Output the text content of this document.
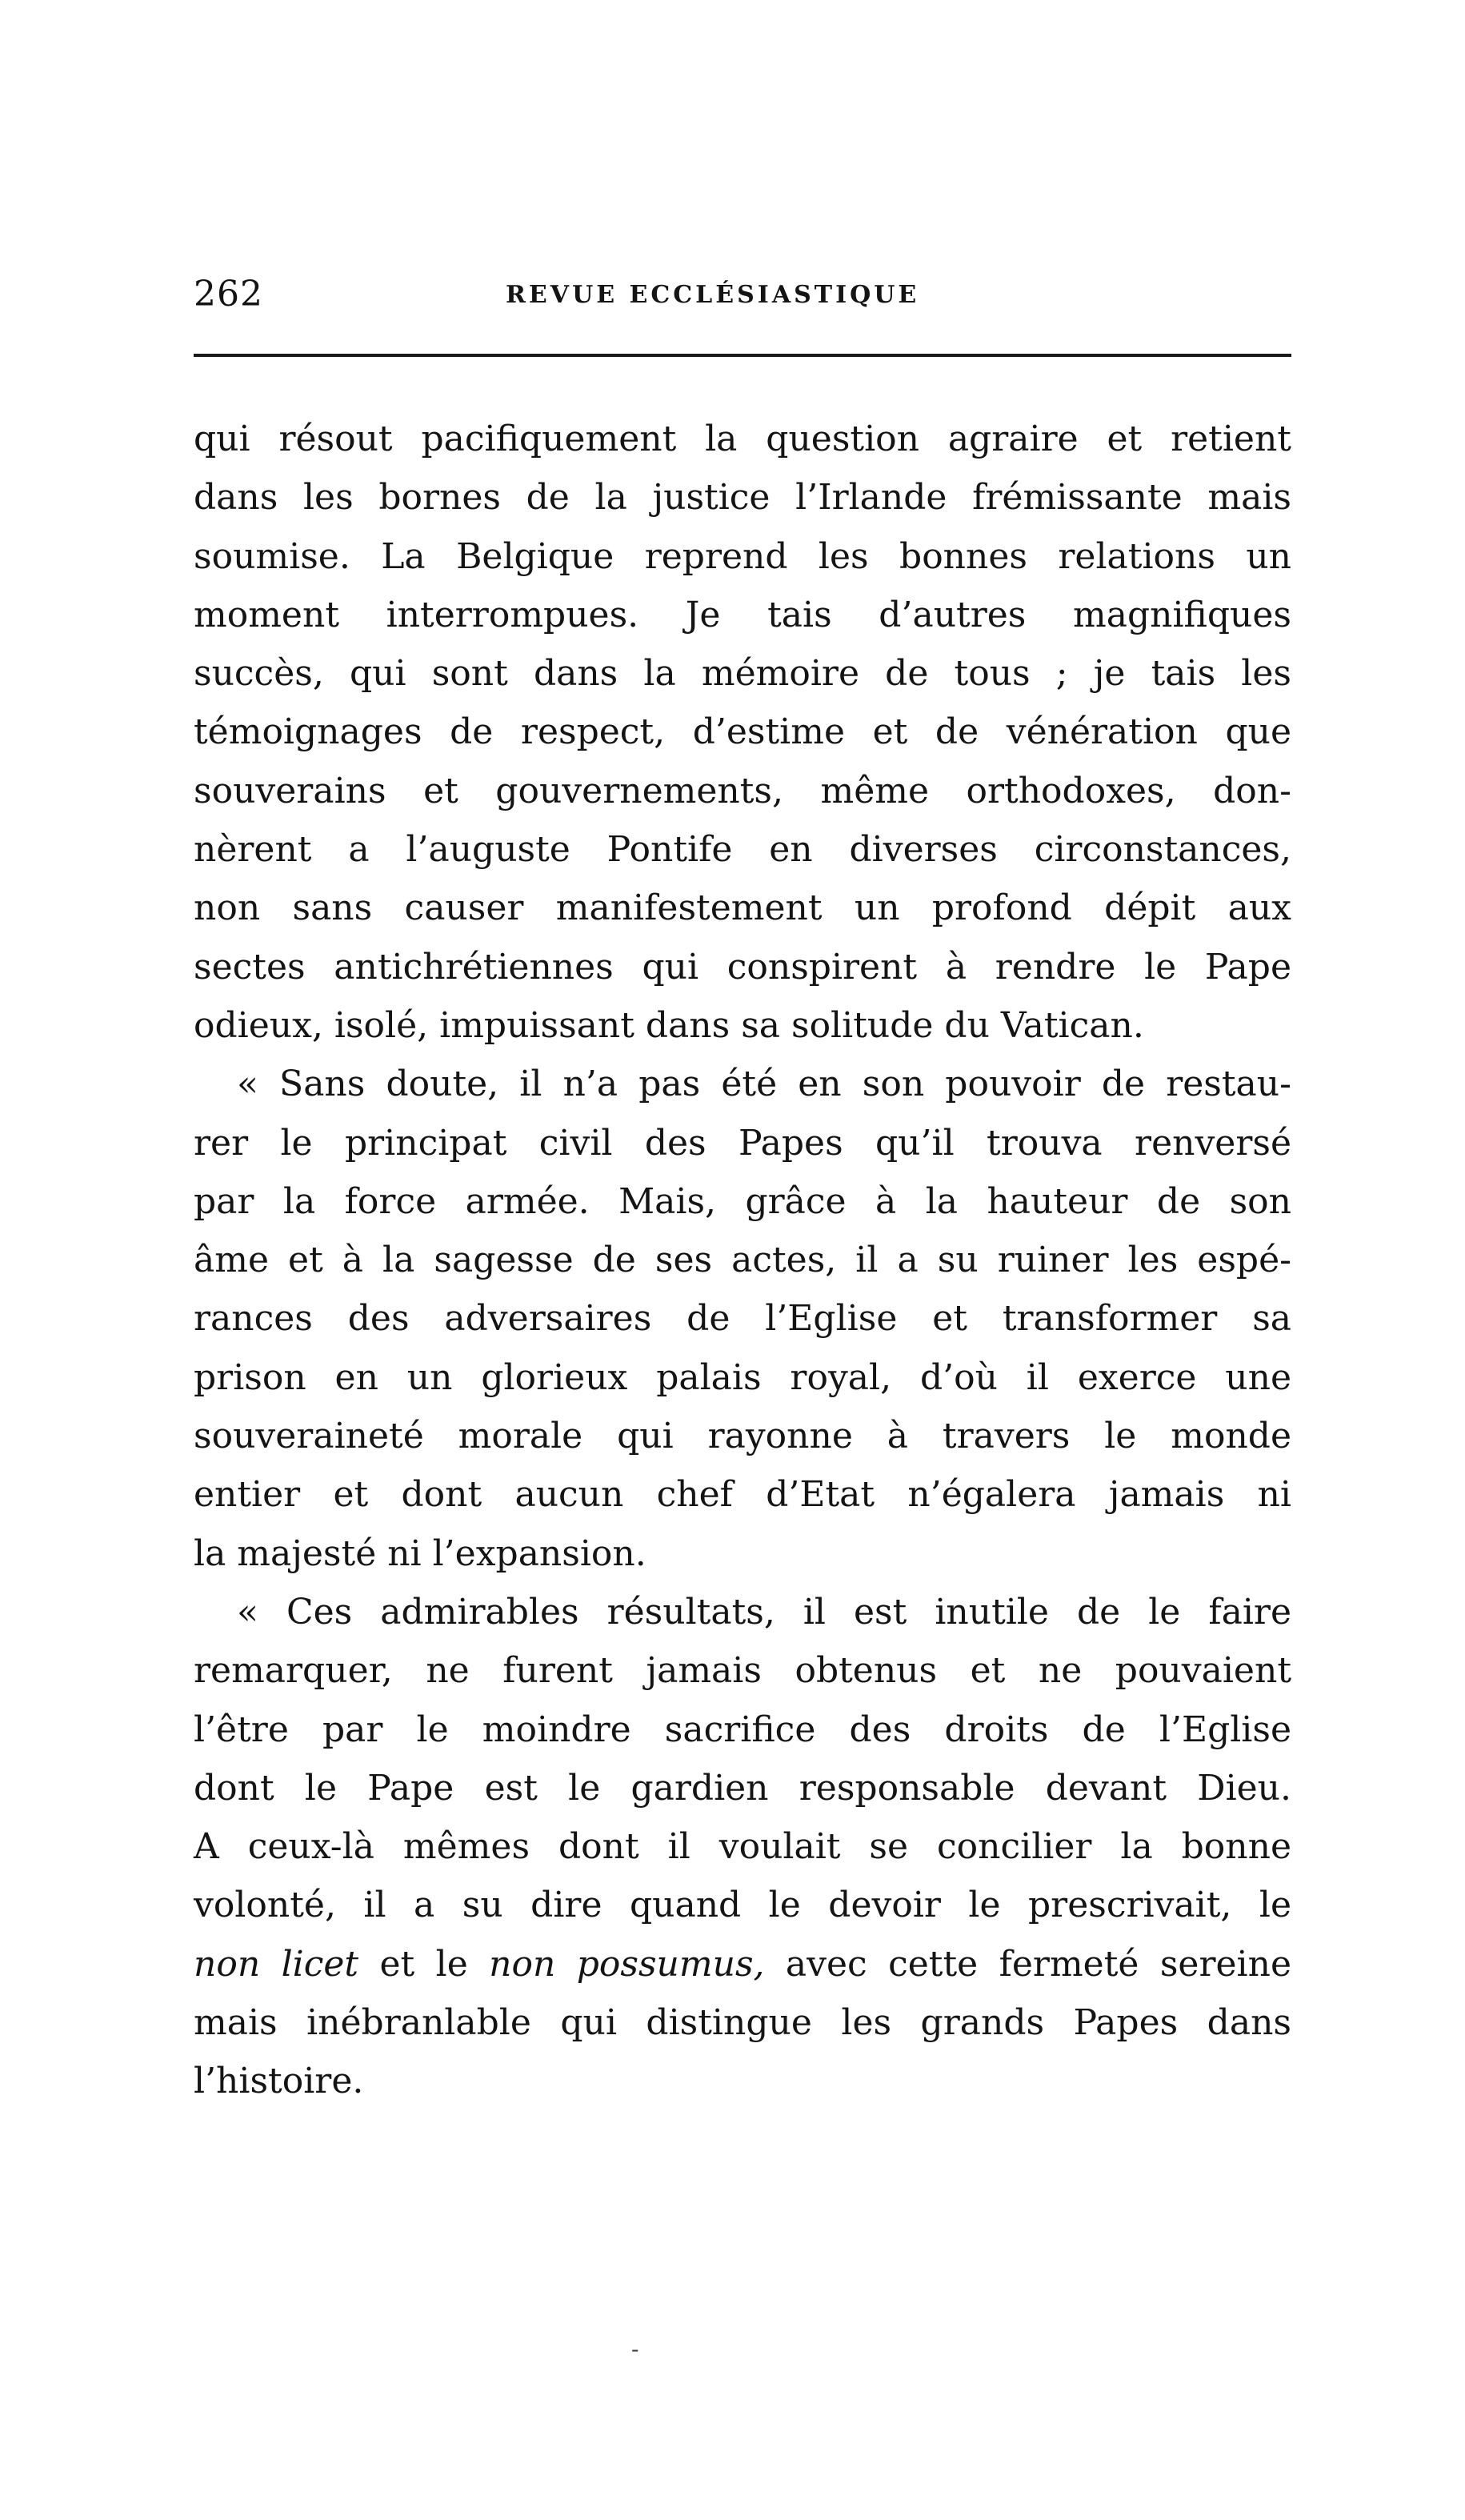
262	REVUE ECCLÉSIASTIQUE
qui résout pacifiquement la question agraire et retient
dans les bornes de la justice l’Irlande frémissante mais
soumise. La Belgique reprend les bonnes relations un
moment interrompues. Je tais d’autres magnifiques
succès, qui sont dans la mémoire de tous ; je tais les
témoignages de respect, d’estime et de vénération que
souverains et gouvernements, même orthodoxes, don-
nèrent a l’auguste Pontife en diverses circonstances,
non sans causer manifestement un profond dépit aux
sectes antichrétiennes qui conspirent à rendre le Pape
odieux, isolé, impuissant dans sa solitude du Vatican.
« Sans doute, il n’a pas été en son pouvoir de restau-
rer le principat civil des Papes qu’il trouva renversé
par la force armée. Mais, grâce à la hauteur de son
âme et à la sagesse de ses actes, il a su ruiner les espé-
rances des adversaires de l’Eglise et transformer sa
prison en un glorieux palais royal, d’où il exerce une
souveraineté morale qui rayonne à travers le monde
entier et dont aucun chef d’Etat n’égalera jamais ni
la majesté ni l’expansion.
« Ces admirables résultats, il est inutile de le faire
remarquer, ne furent jamais obtenus et ne pouvaient
l’être par le moindre sacrifice des droits de l’Eglise
dont le Pape est le gardien responsable devant Dieu.
A ceux-là mêmes dont il voulait se concilier la bonne
volonté, il a su dire quand le devoir le prescrivait, le
non licet et le non possumus, avec cette fermeté sereine
mais inébranlable qui distingue les grands Papes dans
l’histoire.
-
